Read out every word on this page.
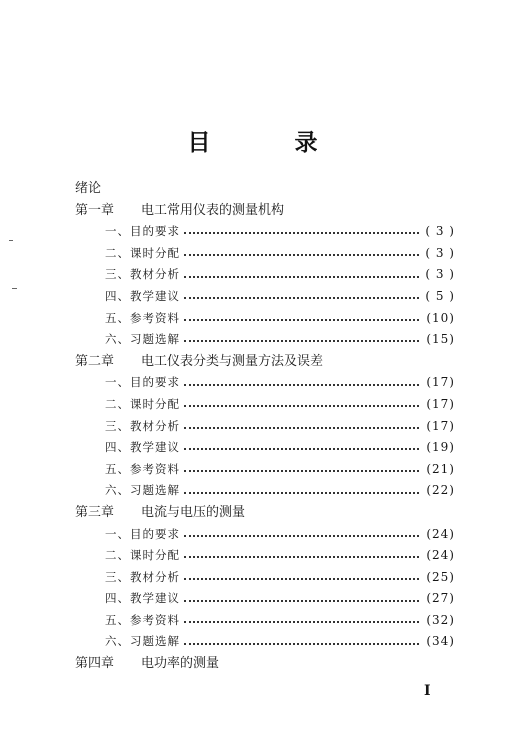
目 录
绪论
第一章	电工常用仪表的测量机构
一、目的要求	( 3 )
二、课时分配	( 3 )
三、教材分析	( 3 )
四、教学建议	( 5 )
五、参考资料	(10)
六、习题选解	(15)
第二章	电工仪表分类与测量方法及误差
一、目的要求	(17)
二、课时分配	(17)
三、教材分析	(17)
四、教学建议	(19)
五、参考资料	(21)
六、习题选解	(22)
第三章	电流与电压的测量
一、目的要求	(24)
二、课时分配	(24)
三、教材分析	(25)
四、教学建议	(27)
五、参考资料	(32)
六、习题选解	(34)
第四章	电功率的测量
I
